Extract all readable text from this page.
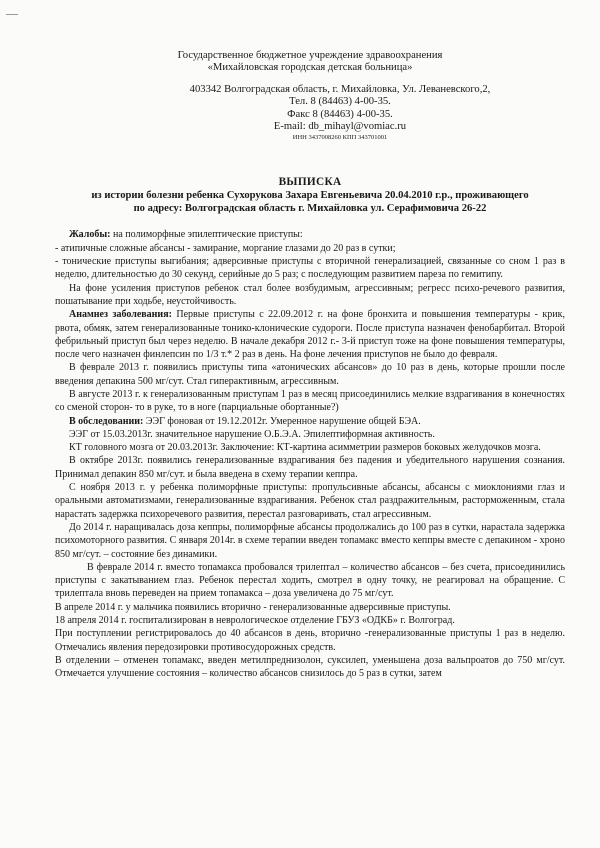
Государственное бюджетное учреждение здравоохранения
«Михайловская городская детская больница»
403342 Волгоградская область, г. Михайловка, Ул. Леваневского,2,
Тел. 8 (84463) 4-00-35.
Факс 8 (84463) 4-00-35.
E-mail: db_mihayl@vomiac.ru
ИНН 3437008260 КПП 343701001
ВЫПИСКА
из истории болезни ребенка Сухорукова Захара Евгеньевича 20.04.2010 г.р., проживающего
по адресу: Волгоградская область г. Михайловка ул. Серафимовича 26-22

Жалобы: на полиморфные эпилептические приступы:

- атипичные сложные абсансы - замирание, моргание глазами до 20 раз в сутки;

- тонические приступы выгибания; адверсивные приступы с вторичной генерализацией, связанные со сном 1 раз в неделю, длительностью до 30 секунд, серийные до 5 раз; с последующим развитием пареза по гемитипу.

На фоне усиления приступов ребенок стал более возбудимым, агрессивным; регресс психо-речевого развития, пошатывание при ходьбе, неустойчивость.

Анамнез заболевания: Первые приступы с 22.09.2012 г. на фоне бронхита и повышения температуры - крик, рвота, обмяк, затем генерализованные тонико-клонические судороги. После приступа назначен фенобарбитал. Второй фебрильный приступ был через неделю. В начале декабря 2012 г.- 3-й приступ тоже на фоне повышения температуры, после чего назначен финлепсин по 1/3 т.* 2 раз в день. На фоне лечения приступов не было до февраля.

В феврале 2013 г. появились приступы типа «атонических абсансов» до 10 раз в день, которые прошли после введения депакина 500 мг/сут. Стал гиперактивным, агрессивным.

В августе 2013 г. к генерализованным приступам 1 раз в месяц присоединились мелкие вздрагивания в конечностях со сменой сторон- то в руке, то в ноге (парциальные обортанные?)

В обследовании: ЭЭГ фоновая от 19.12.2012г. Умеренное нарушение общей БЭА.

ЭЭГ от 15.03.2013г. значительное нарушение О.Б.Э.А. Эпилептиформная активность.

КТ головного мозга от 20.03.2013г. Заключение: КТ-картина асимметрии размеров боковых желудочков мозга.

В октябре 2013г. появились генерализованные вздрагивания без падения и убедительного нарушения сознания. Принимал депакин 850 мг/сут. и была введена в схему терапии кеппра.

С ноября 2013 г. у ребенка полиморфные приступы: пропульсивные абсансы, абсансы с миоклониями глаз и оральными автоматизмами, генерализованные вздрагивания. Ребенок стал раздражительным, расторможенным, стала нарастать задержка психоречевого развития, перестал разговаривать, стал агрессивным.

До 2014 г. наращивалась доза кеппры, полиморфные абсансы продолжались до 100 раз в сутки, нарастала задержка психомоторного развития. С января 2014г. в схеме терапии введен топамакс вместо кеппры вместе с депакином - хроно 850 мг/сут. – состояние без динамики.

В феврале 2014 г. вместо топамакса пробовался трилептал – количество абсансов – без счета, присоединились приступы с закатыванием глаз. Ребенок перестал ходить, смотрел в одну точку, не реагировал на обращение. С трилептала вновь переведен на прием топамакса – доза увеличена до 75 мг/сут.

В апреле 2014 г. у мальчика появились вторично - генерализованные адверсивные приступы.

18 апреля 2014 г. госпитализирован в неврологическое отделение ГБУЗ «ОДКБ» г. Волгоград.

При поступлении регистрировалось до 40 абсансов в день, вторично -генерализованные приступы 1 раз в неделю. Отмечались явления передозировки противосудорожных средств.

В отделении – отменен топамакс, введен метилпреднизолон, суксилеп, уменьшена доза вальпроатов до 750 мг/сут. Отмечается улучшение состояния – количество абсансов снизилось до 5 раз в сутки, затем
